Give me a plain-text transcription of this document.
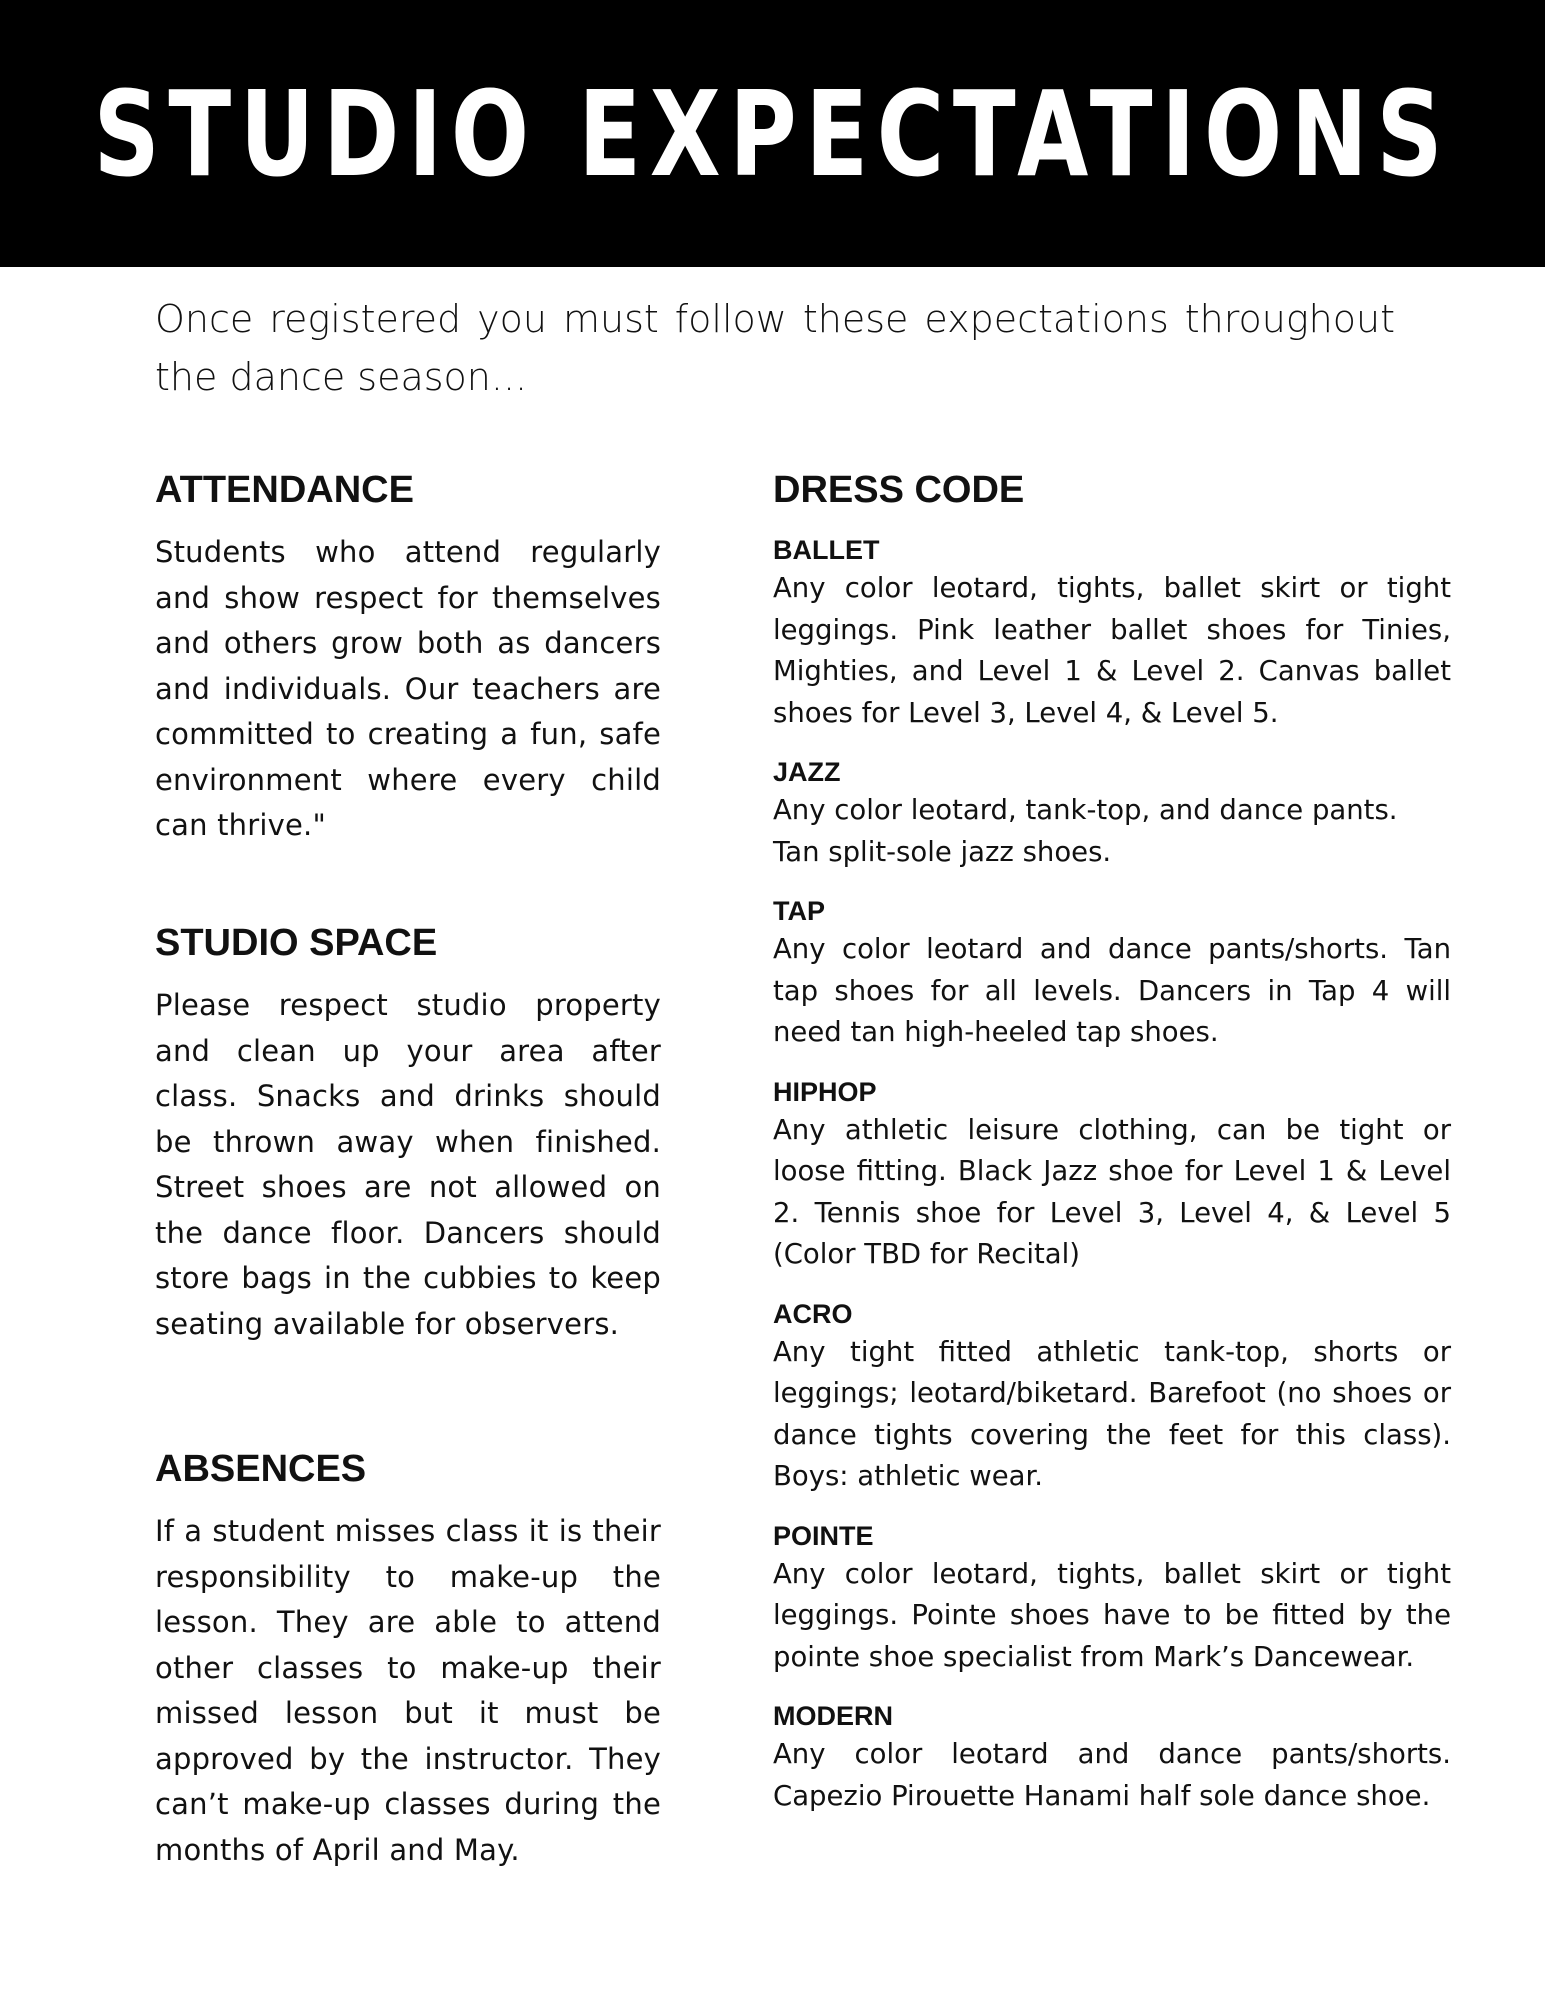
STUDIO EXPECTATIONS

Once registered you must follow these expectations throughout the dance season...

ATTENDANCE

Students who attend regularly and show respect for themselves and others grow both as dancers and individuals. Our teachers are committed to creating a fun, safe environment where every child can thrive."

STUDIO SPACE

Please respect studio property and clean up your area after class. Snacks and drinks should be thrown away when finished. Street shoes are not allowed on the dance floor. Dancers should store bags in the cubbies to keep seating available for observers.

ABSENCES

If a student misses class it is their responsibility to make-up the lesson. They are able to attend other classes to make-up their missed lesson but it must be approved by the instructor. They can’t make-up classes during the months of April and May.

DRESS CODE
BALLET

Any color leotard, tights, ballet skirt or tight leggings. Pink leather ballet shoes for Tinies, Mighties, and Level 1 & Level 2. Canvas ballet shoes for Level 3, Level 4, & Level 5.

JAZZ

Any color leotard, tank-top, and dance pants.

Tan split-sole jazz shoes.

TAP

Any color leotard and dance pants/shorts. Tan tap shoes for all levels. Dancers in Tap 4 will need tan high-heeled tap shoes.

HIPHOP

Any athletic leisure clothing, can be tight or loose fitting. Black Jazz shoe for Level 1 & Level 2. Tennis shoe for Level 3, Level 4, & Level 5 (Color TBD for Recital)

ACRO

Any tight fitted athletic tank-top, shorts or leggings; leotard/biketard. Barefoot (no shoes or dance tights covering the feet for this class). Boys: athletic wear.

POINTE

Any color leotard, tights, ballet skirt or tight leggings. Pointe shoes have to be fitted by the pointe shoe specialist from Mark’s Dancewear.

MODERN

Any color leotard and dance pants/shorts. Capezio Pirouette Hanami half sole dance shoe.
